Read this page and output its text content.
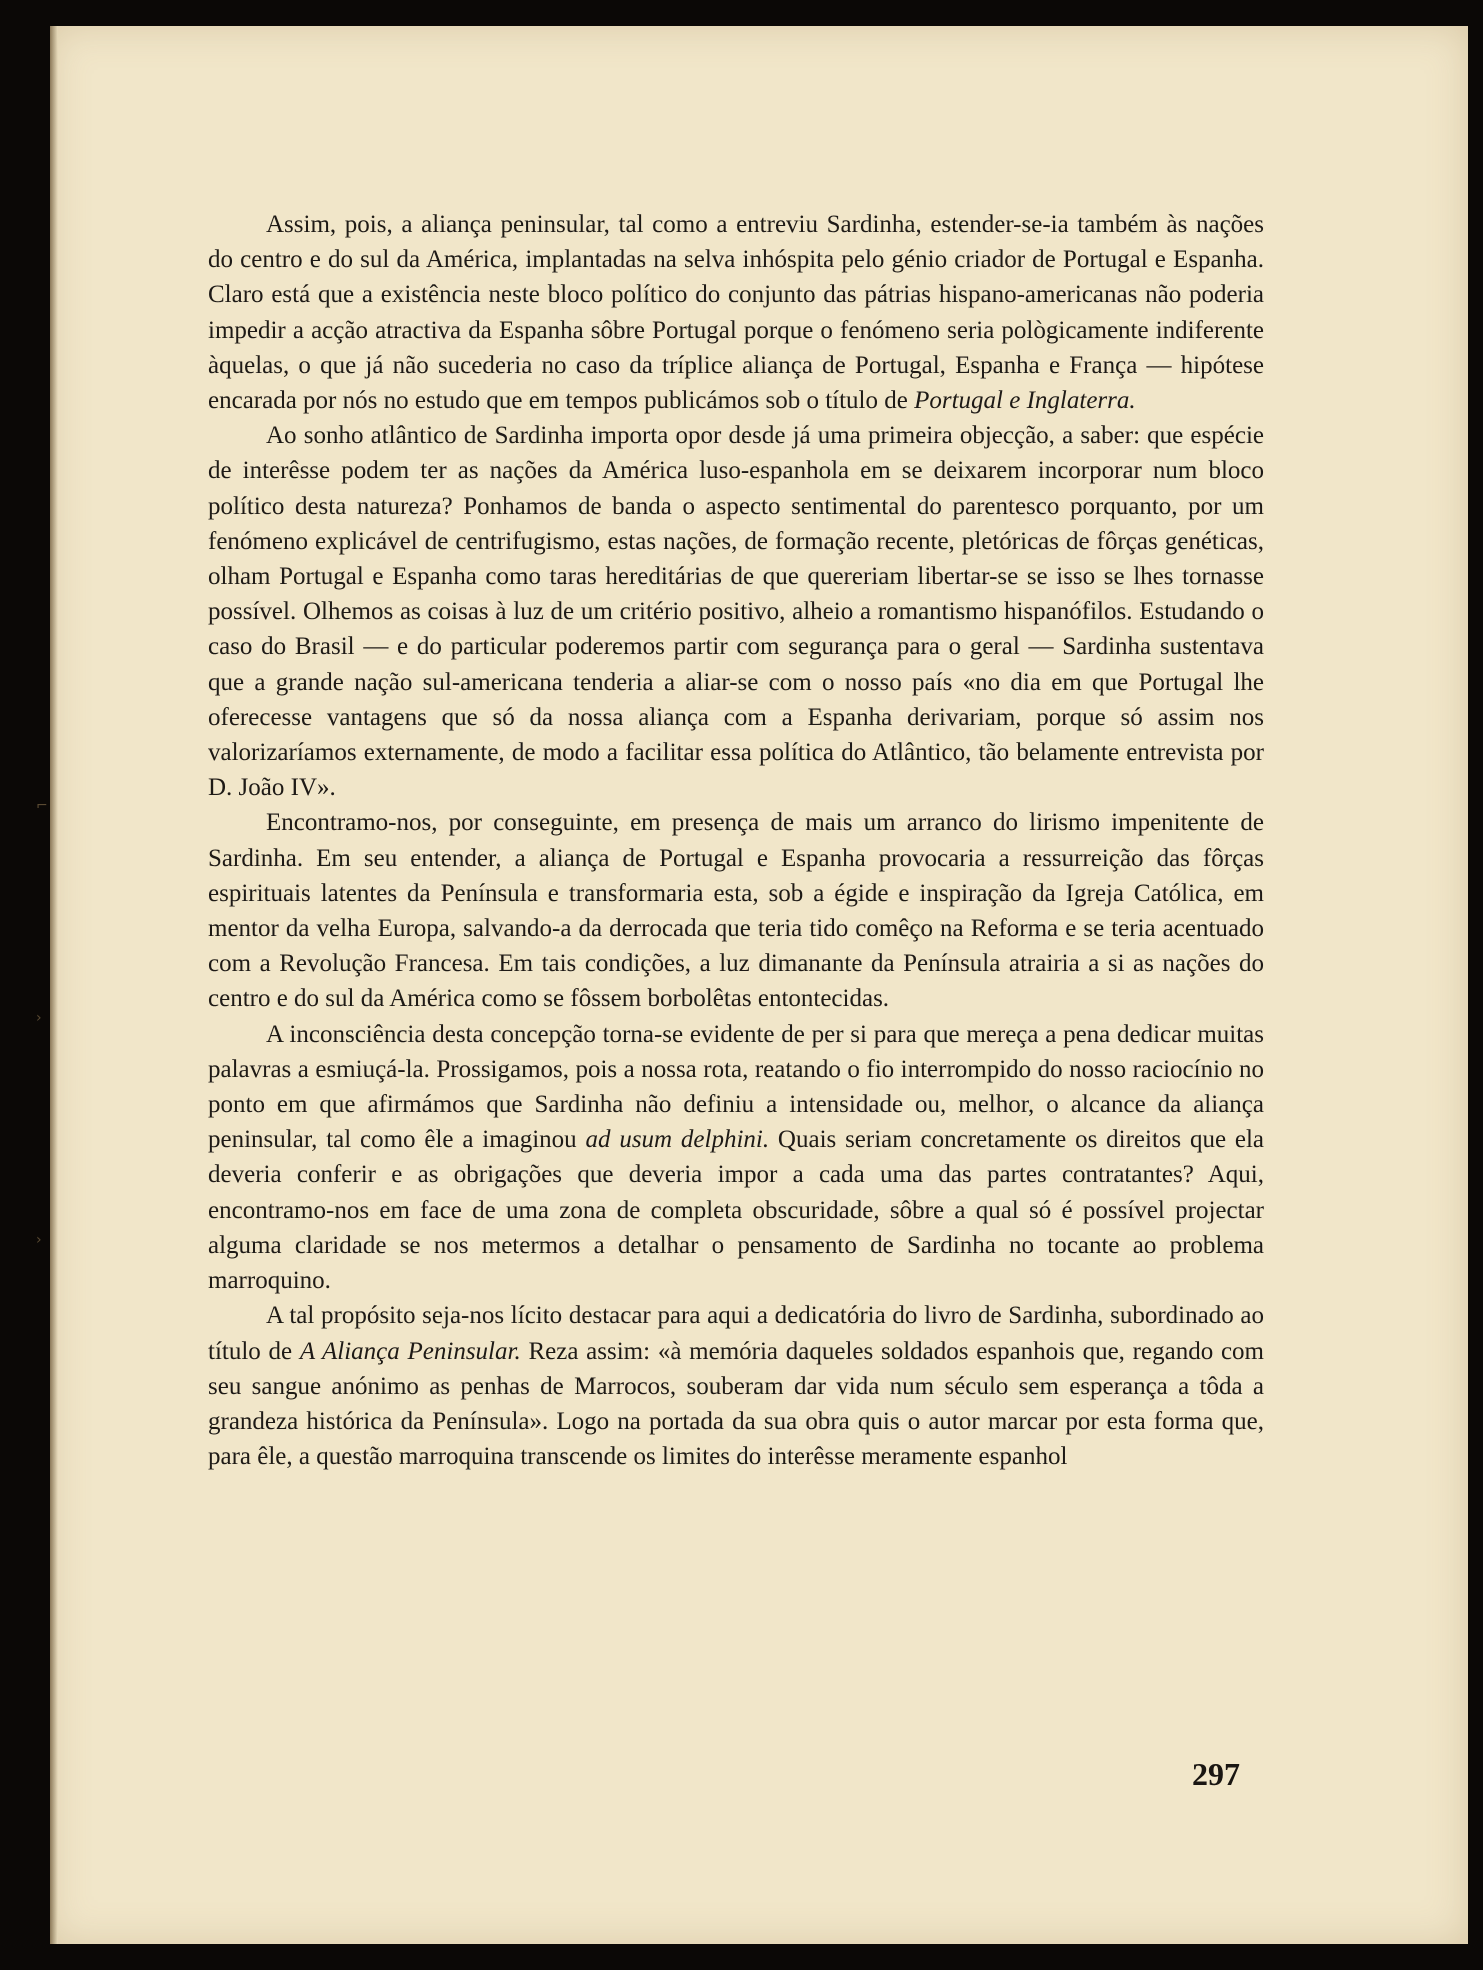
⌐
›
›

Assim, pois, a aliança peninsular, tal como a entreviu Sardinha, estender-se-ia também às nações do centro e do sul da América, implantadas na selva inhóspita pelo génio criador de Portugal e Espanha. Claro está que a existência neste bloco político do conjunto das pátrias hispano-americanas não poderia impedir a acção atractiva da Espanha sôbre Portugal porque o fenómeno seria pològicamente indiferente àquelas, o que já não sucederia no caso da tríplice aliança de Portugal, Espanha e França — hipótese encarada por nós no estudo que em tempos publicámos sob o título de Portugal e Inglaterra.

Ao sonho atlântico de Sardinha importa opor desde já uma primeira objecção, a saber: que espécie de interêsse podem ter as nações da América luso-espanhola em se deixarem incorporar num bloco político desta natureza? Ponhamos de banda o aspecto sentimental do parentesco porquanto, por um fenómeno explicável de centrifugismo, estas nações, de formação recente, pletóricas de fôrças genéticas, olham Portugal e Espanha como taras hereditárias de que quereriam libertar-se se isso se lhes tornasse possível. Olhemos as coisas à luz de um critério positivo, alheio a romantismo hispanófilos. Estudando o caso do Brasil — e do particular poderemos partir com segurança para o geral — Sardinha sustentava que a grande nação sul-americana tenderia a aliar-se com o nosso país «no dia em que Portugal lhe oferecesse vantagens que só da nossa aliança com a Espanha derivariam, porque só assim nos valorizaríamos externamente, de modo a facilitar essa política do Atlântico, tão belamente entrevista por D. João IV».

Encontramo-nos, por conseguinte, em presença de mais um arranco do lirismo impenitente de Sardinha. Em seu entender, a aliança de Portugal e Espanha provocaria a ressurreição das fôrças espirituais latentes da Península e transformaria esta, sob a égide e inspiração da Igreja Católica, em mentor da velha Europa, salvando-a da derrocada que teria tido comêço na Reforma e se teria acentuado com a Revolução Francesa. Em tais condições, a luz dimanante da Península atrairia a si as nações do centro e do sul da América como se fôssem borbolêtas entontecidas.

A inconsciência desta concepção torna-se evidente de per si para que mereça a pena dedicar muitas palavras a esmiuçá-la. Prossigamos, pois a nossa rota, reatando o fio interrompido do nosso raciocínio no ponto em que afirmámos que Sardinha não definiu a intensidade ou, melhor, o alcance da aliança peninsular, tal como êle a imaginou ad usum delphini. Quais seriam concretamente os direitos que ela deveria conferir e as obrigações que deveria impor a cada uma das partes contratantes? Aqui, encontramo-nos em face de uma zona de completa obscuridade, sôbre a qual só é possível projectar alguma claridade se nos metermos a detalhar o pensamento de Sardinha no tocante ao problema marroquino.

A tal propósito seja-nos lícito destacar para aqui a dedicatória do livro de Sardinha, subordinado ao título de A Aliança Peninsular. Reza assim: «à memória daqueles soldados espanhois que, regando com seu sangue anónimo as penhas de Marrocos, souberam dar vida num século sem esperança a tôda a grandeza histórica da Península». Logo na portada da sua obra quis o autor marcar por esta forma que, para êle, a questão marroquina transcende os limites do interêsse meramente espanhol

297
